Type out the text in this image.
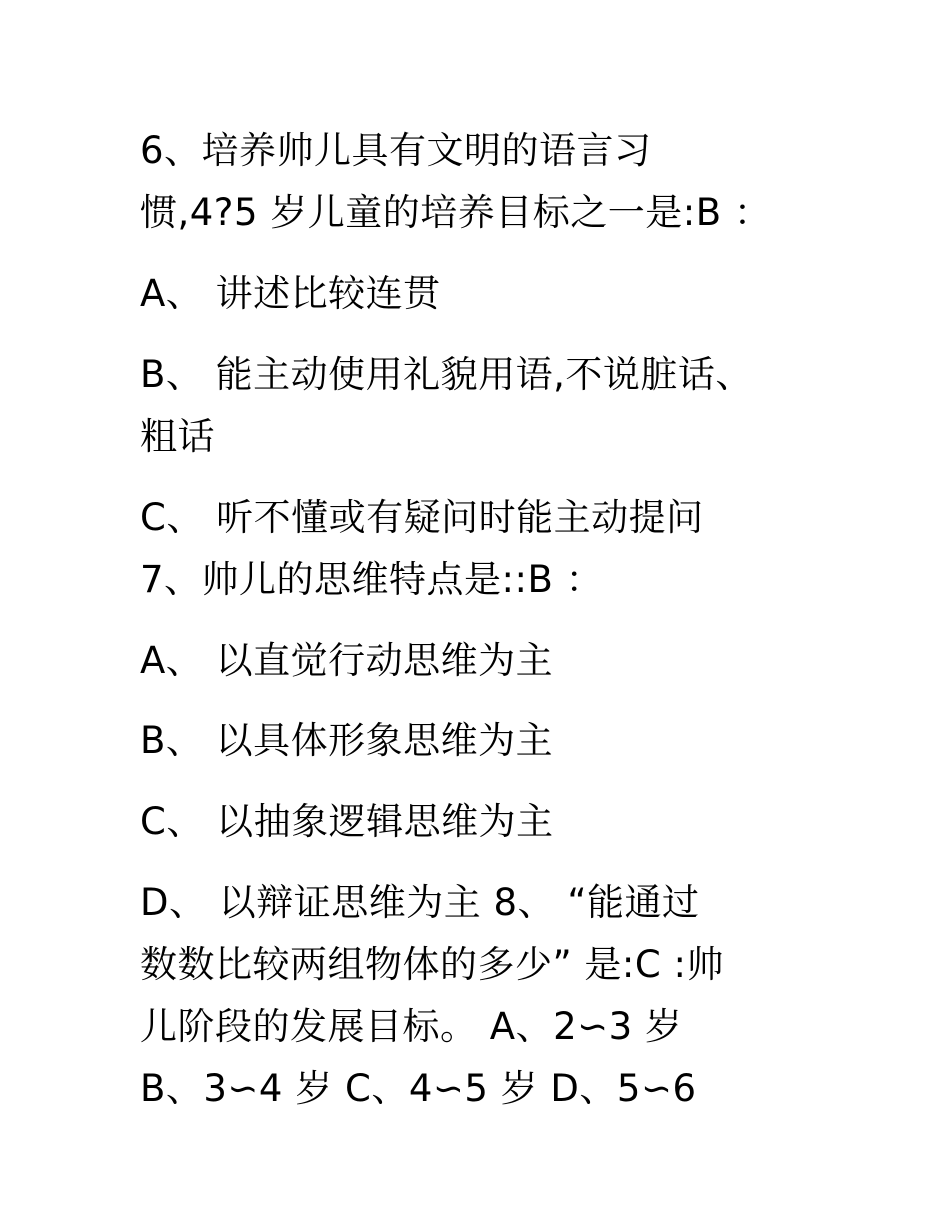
6、培养帅儿具有文明的语言习
惯,4?5 岁儿童的培养目标之一是:B ：
A、 讲述比较连贯
B、 能主动使用礼貌用语,不说脏话、
粗话
C、 听不懂或有疑问时能主动提问
7、帅儿的思维特点是::B ：
A、 以直觉行动思维为主
B、 以具体形象思维为主
C、 以抽象逻辑思维为主
D、 以辩证思维为主 8、 “能通过
数数比较两组物体的多少” 是:C :帅
儿阶段的发展目标。 A、2∽3 岁
B、3∽4 岁 C、4∽5 岁 D、5∽6
